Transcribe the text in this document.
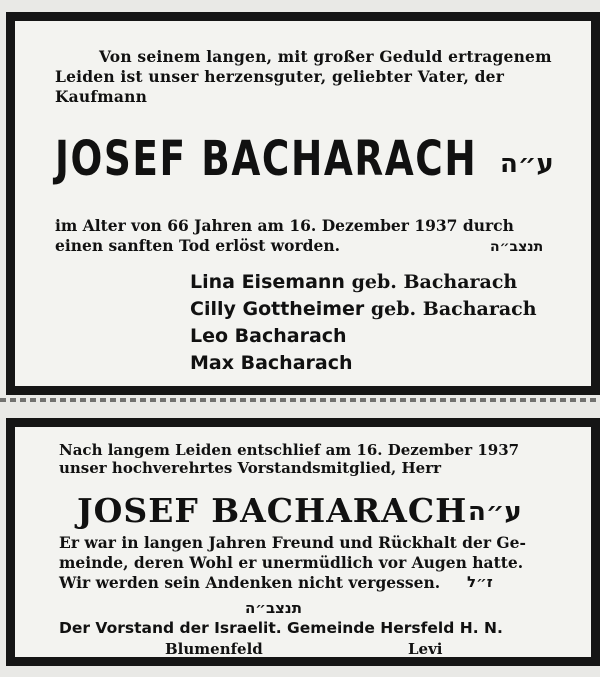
Von seinem langen, mit großer Geduld ertragenem
Leiden ist unser herzensguter, geliebter Vater, der
Kaufmann
JOSEF BACHARACH ע״ה
im Alter von 66 Jahren am 16. Dezember 1937 durch
einen sanften Tod erlöst worden.	תנצב״ה
Lina Eisemann geb. Bacharach
Cilly Gottheimer geb. Bacharach
Leo Bacharach
Max Bacharach
Nach langem Leiden entschlief am 16. Dezember 1937
unser hochverehrtes Vorstandsmitglied, Herr
JOSEF BACHARACH ע״ה
Er war in langen Jahren Freund und Rückhalt der Ge-
meinde, deren Wohl er unermüdlich vor Augen hatte.
Wir werden sein Andenken nicht vergessen.	ז״ל
תנצב״ה
Der Vorstand der Israelit. Gemeinde Hersfeld H. N.
Blumenfeld	Levi
